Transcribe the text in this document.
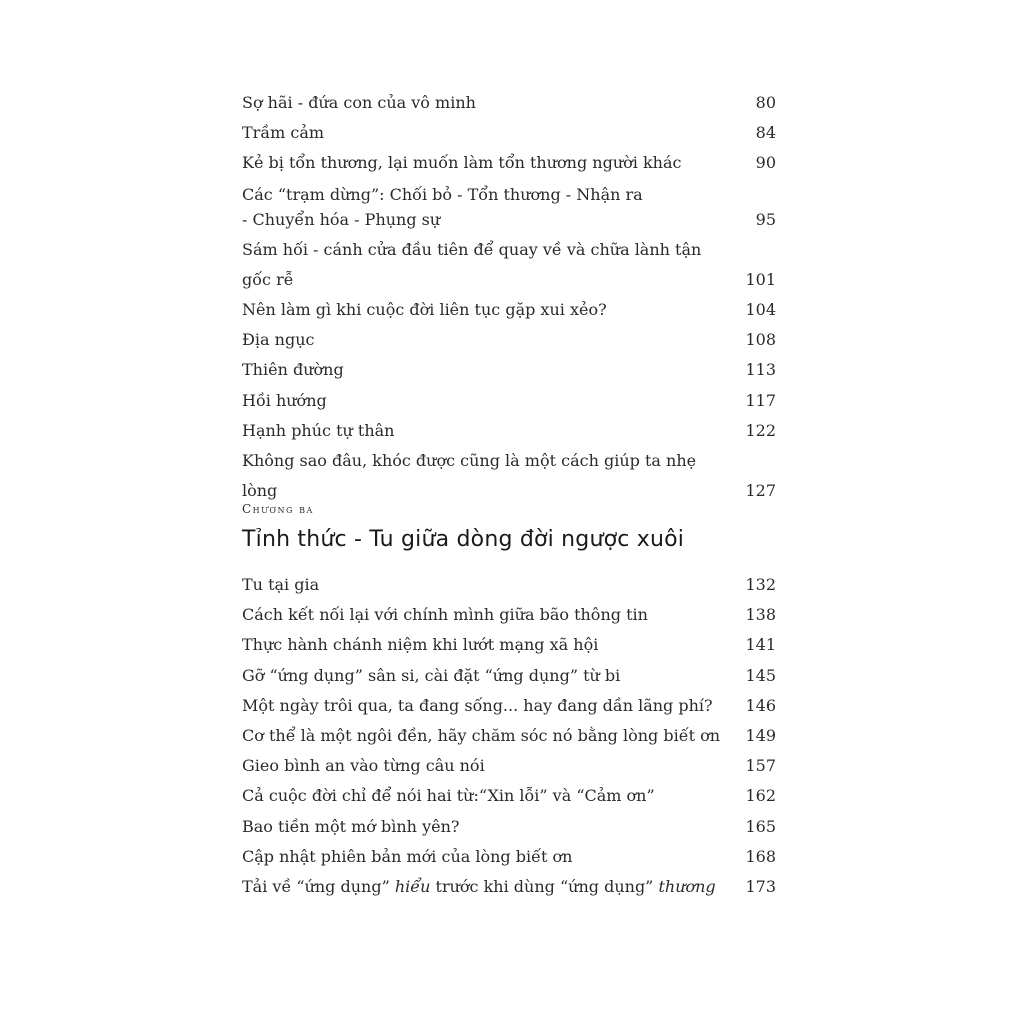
Sợ hãi - đứa con của vô minh	80
Trầm cảm	84
Kẻ bị tổn thương, lại muốn làm tổn thương người khác	90
Các “trạm dừng”: Chối bỏ - Tổn thương - Nhận ra
- Chuyển hóa - Phụng sự	95
Sám hối - cánh cửa đầu tiên để quay về và chữa lành tận gốc rễ	101
Nên làm gì khi cuộc đời liên tục gặp xui xẻo?	104
Địa ngục	108
Thiên đường	113
Hồi hướng	117
Hạnh phúc tự thân	122
Không sao đâu, khóc được cũng là một cách giúp ta nhẹ lòng	127
Chương ba
Tỉnh thức - Tu giữa dòng đời ngược xuôi
Tu tại gia	132
Cách kết nối lại với chính mình giữa bão thông tin	138
Thực hành chánh niệm khi lướt mạng xã hội	141
Gỡ “ứng dụng” sân si, cài đặt “ứng dụng” từ bi	145
Một ngày trôi qua, ta đang sống... hay đang dần lãng phí?	146
Cơ thể là một ngôi đền, hãy chăm sóc nó bằng lòng biết ơn	149
Gieo bình an vào từng câu nói	157
Cả cuộc đời chỉ để nói hai từ:“Xin lỗi” và “Cảm ơn”	162
Bao tiền một mớ bình yên?	165
Cập nhật phiên bản mới của lòng biết ơn	168
Tải về “ứng dụng” hiểu trước khi dùng “ứng dụng” thương	173
